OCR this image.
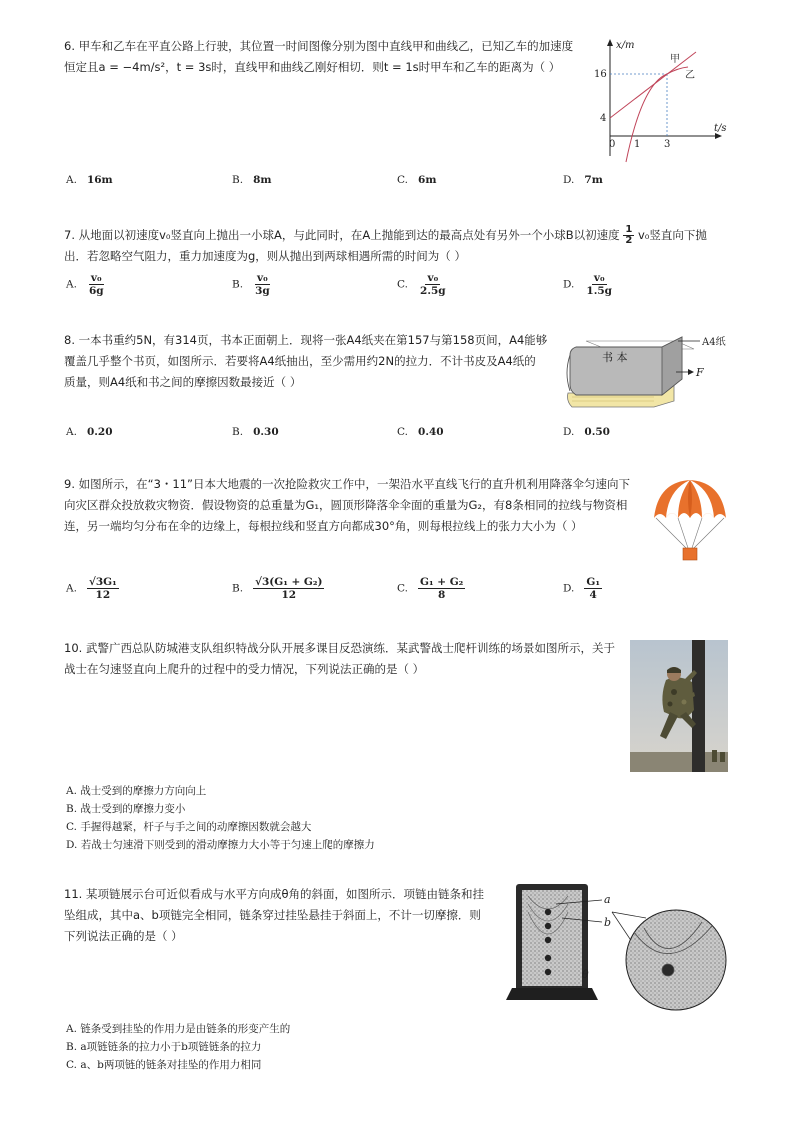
6. 甲车和乙车在平直公路上行驶，其位置一时间图像分别为图中直线甲和曲线乙，已知乙车的加速度
恒定且a = −4m/s²，t = 3s时，直线甲和曲线乙刚好相切．则t = 1s时甲车和乙车的距离为（ ）
x/m
t/s
0 1 3
4
16
甲
乙
A. 16m	B. 8m	C. 6m	D. 7m
7. 从地面以初速度v₀竖直向上抛出一小球A，与此同时，在A上抛能到达的最高点处有另外一个小球B以初速度 $\frac{1}{2} v_0$竖直向下抛
出．若忽略空气阻力，重力加速度为g，则从抛出到两球相遇所需的时间为（ ）
A. $\frac{\text{v₀}}{6g}$	B. $\frac{\text{v₀}}{3g}$	C. $\frac{\text{v₀}}{2.5g}$	D. $\frac{\text{v₀}}{1.5g}$
8. 一本书重约5N，有314页，书本正面朝上．现将一张A4纸夹在第157与第158页间，A4能够
覆盖几乎整个书页，如图所示．若要将A4纸抽出，至少需用约2N的拉力．不计书皮及A4纸的
质量，则A4纸和书之间的摩擦因数最接近（ ）
书 本
A4纸
F
A. 0.20	B. 0.30	C. 0.40	D. 0.50
9. 如图所示，在“3・11”日本大地震的一次抢险救灾工作中，一架沿水平直线飞行的直升机利用降落伞匀速向下
向灾区群众投放救灾物资．假设物资的总重量为G₁，圆顶形降落伞伞面的重量为G₂，有8条相同的拉线与物资相
连，另一端均匀分布在伞的边缘上，每根拉线和竖直方向都成30°角，则每根拉线上的张力大小为（ ）
A. $\frac{\text{√3G₁}}{12}$	B. $\frac{\text{√3(G₁ + G₂)}}{12}$	C. $\frac{\text{G₁ + G₂}}{8}$	D. $\frac{\text{G₁}}{4}$
10. 武警广西总队防城港支队组织特战分队开展多课目反恐演练．某武警战士爬杆训练的场景如图所示，关于
战士在匀速竖直向上爬升的过程中的受力情况，下列说法正确的是（ ）
A. 战士受到的摩擦力方向向上
B. 战士受到的摩擦力变小
C. 手握得越紧，杆子与手之间的动摩擦因数就会越大
D. 若战士匀速滑下则受到的滑动摩擦力大小等于匀速上爬的摩擦力
11. 某项链展示台可近似看成与水平方向成θ角的斜面，如图所示．项链由链条和挂
坠组成，其中a、b项链完全相同，链条穿过挂坠悬挂于斜面上，不计一切摩擦．则
下列说法正确的是（ ）
a
b
θ
A. 链条受到挂坠的作用力是由链条的形变产生的
B. a项链链条的拉力小于b项链链条的拉力
C. a、b两项链的链条对挂坠的作用力相同
